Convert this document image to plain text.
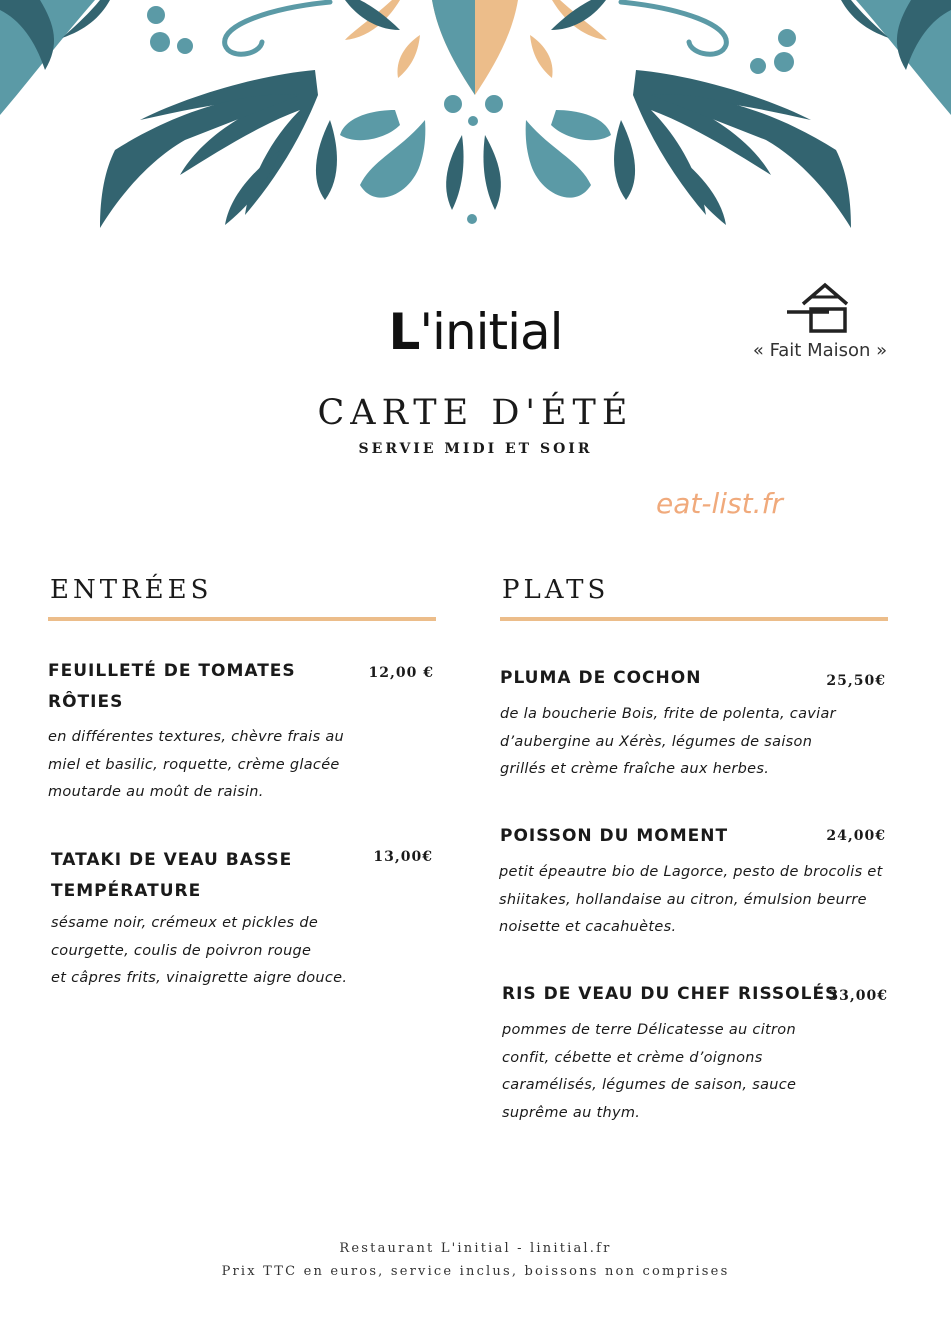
L'initial	« Fait Maison »
CARTE D'ÉTÉ
SERVIE MIDI ET SOIR
eat-list.fr
ENTRÉES	PLATS
FEUILLETÉ DE TOMATES
RÔTIES
12,00 €
en différentes textures, chèvre frais au
miel et basilic, roquette, crème glacée
moutarde au moût de raisin.
TATAKI DE VEAU BASSE
TEMPÉRATURE
13,00€
sésame noir, crémeux et pickles de
courgette, coulis de poivron rouge
et câpres frits, vinaigrette aigre douce.
PLUMA DE COCHON	25,50€
de la boucherie Bois, frite de polenta, caviar
d’aubergine au Xérès, légumes de saison
grillés et crème fraîche aux herbes.
POISSON DU MOMENT	24,00€
petit épeautre bio de Lagorce, pesto de brocolis et
shiitakes, hollandaise au citron, émulsion beurre
noisette et cacahuètes.
RIS DE VEAU DU CHEF RISSOLÉS
33,00€
pommes de terre Délicatesse au citron
confit, cébette et crème d’oignons
caramélisés, légumes de saison, sauce
suprême au thym.
Restaurant L'initial - linitial.fr
Prix TTC en euros, service inclus, boissons non comprises
